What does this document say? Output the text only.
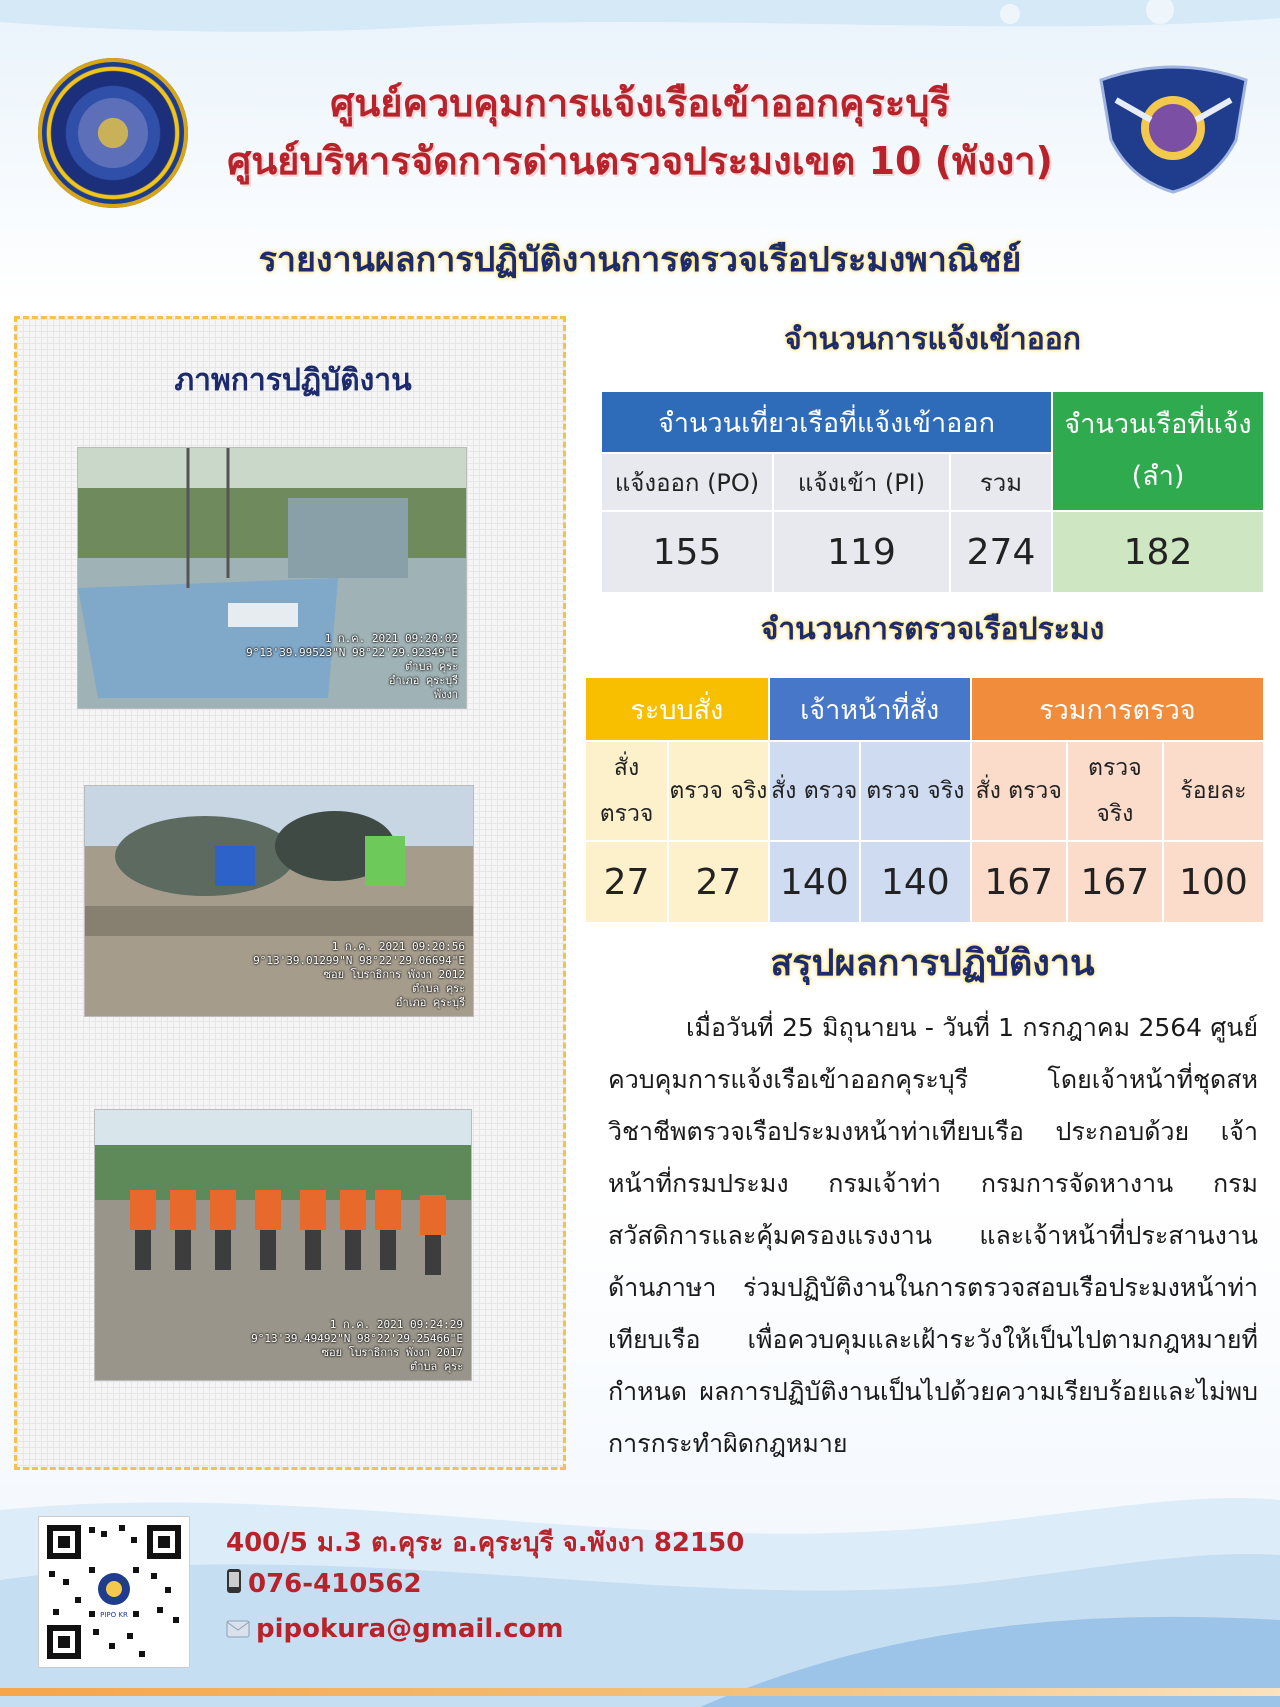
ศูนย์ควบคุมการแจ้งเรือเข้าออกคุระบุรี
ศูนย์บริหารจัดการด่านตรวจประมงเขต 10 (พังงา)
รายงานผลการปฏิบัติงานการตรวจเรือประมงพาณิชย์
ภาพการปฏิบัติงาน
1 ก.ค. 2021 09:20:02
9°13'39.99523"N 98°22'29.92349"E
ตำบล คุระ
อำเภอ คุระบุรี
พังงา
1 ก.ค. 2021 09:20:56
9°13'39.01299"N 98°22'29.06694"E
ซอย โบราธิการ พังงา 2012
ตำบล คุระ
อำเภอ คุระบุรี
1 ก.ค. 2021 09:24:29
9°13'39.49492"N 98°22'29.25466"E
ซอย โบราธิการ พังงา 2017
ตำบล คุระ
จำนวนการแจ้งเข้าออก
จำนวนเที่ยวเรือที่แจ้งเข้าออก			จำนวนเรือที่แจ้ง (ลำ)
แจ้งออก (PO)	แจ้งเข้า (PI)	รวม	
155	119	274	182
จำนวนการตรวจเรือประมง
ระบบสั่ง		เจ้าหน้าที่สั่ง		รวมการตรวจ		
สั่ง ตรวจ	ตรวจ จริง	สั่ง ตรวจ	ตรวจ จริง	สั่ง ตรวจ	ตรวจ จริง	ร้อยละ
27	27	140	140	167	167	100
สรุปผลการปฏิบัติงาน

เมื่อวันที่ 25 มิถุนายน - วันที่ 1 กรกฎาคม 2564 ศูนย์ควบคุมการแจ้งเรือเข้าออกคุระบุรี โดยเจ้าหน้าที่ชุดสหวิชาชีพตรวจเรือประมงหน้าท่าเทียบเรือ ประกอบด้วย เจ้าหน้าที่กรมประมง กรมเจ้าท่า กรมการจัดหางาน กรมสวัสดิการและคุ้มครองแรงงาน และเจ้าหน้าที่ประสานงานด้านภาษา ร่วมปฏิบัติงานในการตรวจสอบเรือประมงหน้าท่าเทียบเรือ เพื่อควบคุมและเฝ้าระวังให้เป็นไปตามกฎหมายที่กำหนด ผลการปฏิบัติงานเป็นไปด้วยความเรียบร้อยและไม่พบการกระทำผิดกฎหมาย

PIPO KR
400/5 ม.3 ต.คุระ อ.คุระบุรี จ.พังงา 82150
076-410562
pipokura@gmail.com
